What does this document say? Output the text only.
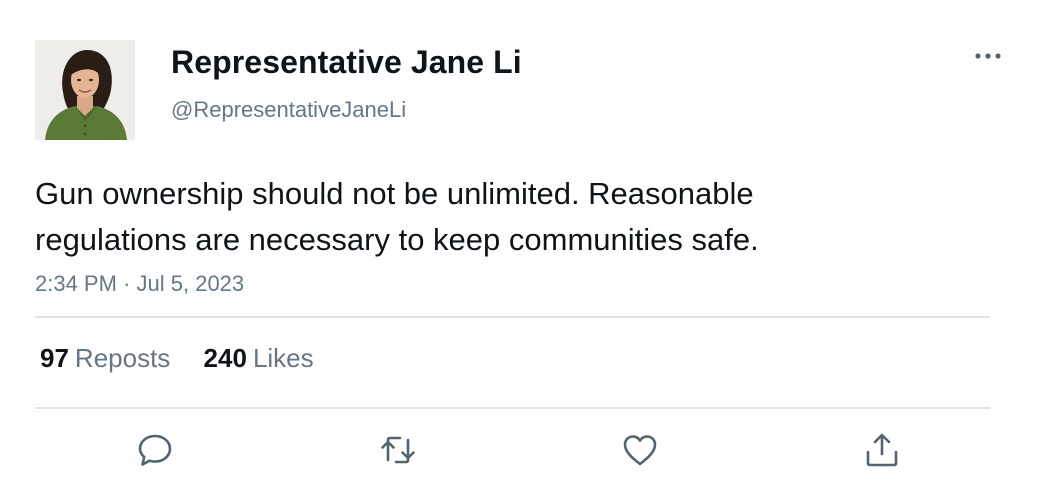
Representative Jane Li
@RepresentativeJaneLi
Gun ownership should not be unlimited. Reasonable
regulations are necessary to keep communities safe.
2:34 PM · Jul 5, 2023
97 Reposts 240 Likes
